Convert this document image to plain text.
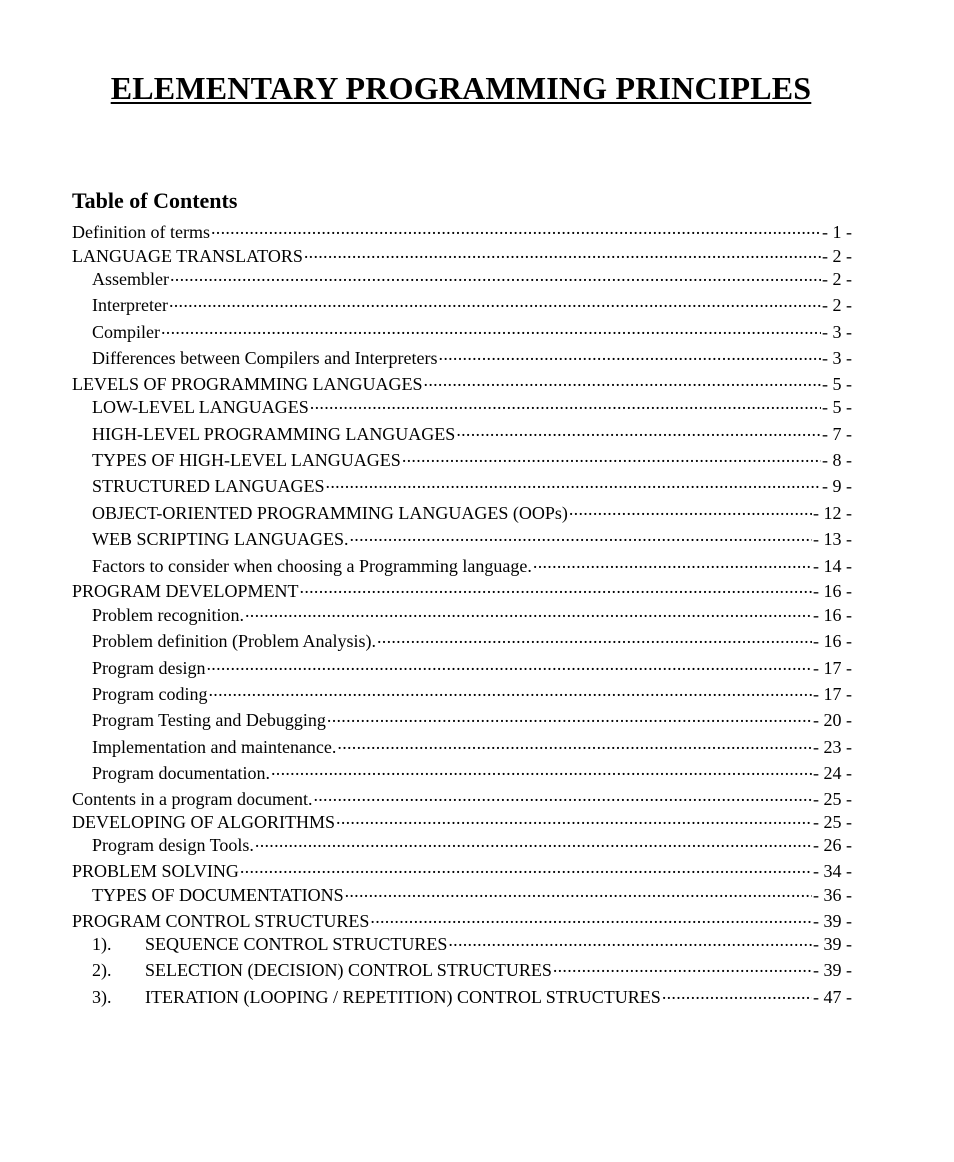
ELEMENTARY PROGRAMMING PRINCIPLES
Table of Contents
Definition of terms .....	- 1 -
LANGUAGE TRANSLATORS .....	- 2 -
Assembler .....	- 2 -
Interpreter .....	- 2 -
Compiler .....	- 3 -
Differences between Compilers and Interpreters .....	- 3 -
LEVELS OF PROGRAMMING LANGUAGES .....	- 5 -
LOW-LEVEL LANGUAGES .....	- 5 -
HIGH-LEVEL PROGRAMMING LANGUAGES .....	- 7 -
TYPES OF HIGH-LEVEL LANGUAGES .....	- 8 -
STRUCTURED LANGUAGES .....	- 9 -
OBJECT-ORIENTED PROGRAMMING LANGUAGES (OOPs) .....	- 12 -
WEB SCRIPTING LANGUAGES. .....	- 13 -
Factors to consider when choosing a Programming language. .....	- 14 -
PROGRAM DEVELOPMENT .....	- 16 -
Problem recognition. .....	- 16 -
Problem definition (Problem Analysis). .....	- 16 -
Program design .....	- 17 -
Program coding .....	- 17 -
Program Testing and Debugging .....	- 20 -
Implementation and maintenance. .....	- 23 -
Program documentation. .....	- 24 -
Contents in a program document. .....	- 25 -
DEVELOPING OF ALGORITHMS .....	- 25 -
Program design Tools. .....	- 26 -
PROBLEM SOLVING .....	- 34 -
TYPES OF DOCUMENTATIONS .....	- 36 -
PROGRAM CONTROL STRUCTURES .....	- 39 -
1).	SEQUENCE CONTROL STRUCTURES .....	- 39 -
2).	SELECTION (DECISION) CONTROL STRUCTURES .....	- 39 -
3).	ITERATION (LOOPING / REPETITION) CONTROL STRUCTURES .....	- 47 -
